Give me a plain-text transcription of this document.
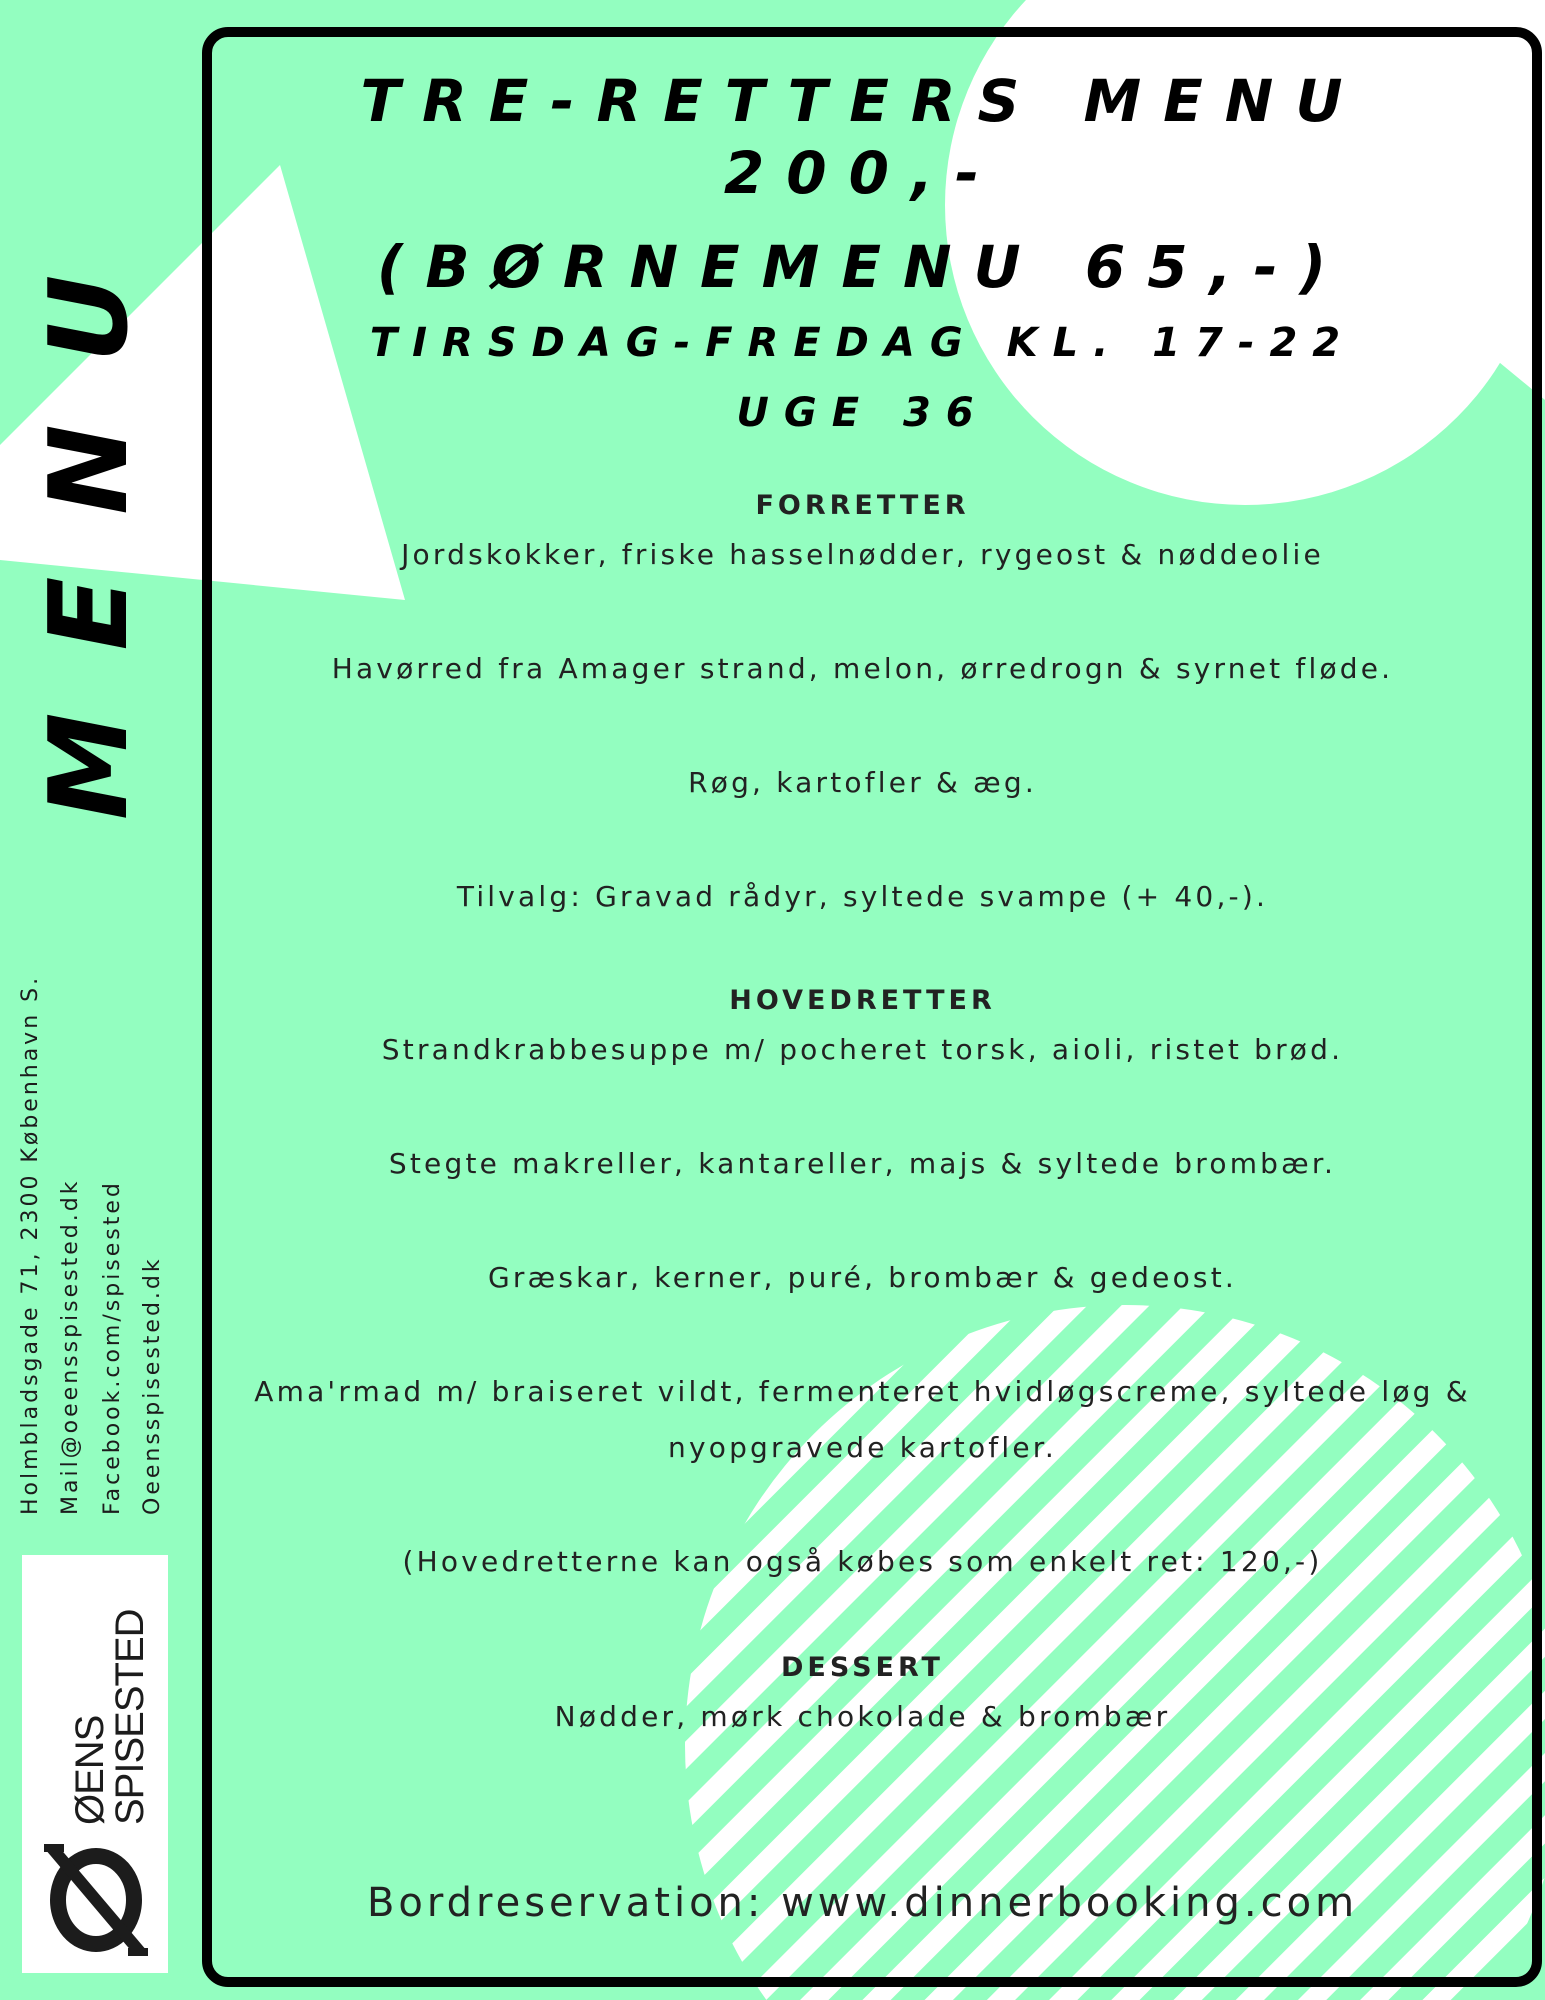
MENU
Holmbladsgade 71, 2300 København S. Mail@oeensspisested.dk Facebook.com/spisested Oeensspisested.dk
ØENS
SPISESTED
TRE-RETTERS MENU 200,-
(BØRNEMENU 65,-)
TIRSDAG-FREDAG KL. 17-22
UGE 36
FORRETTER
Jordskokker, friske hasselnødder, rygeost & nøddeolie
Havørred fra Amager strand, melon, ørredrogn & syrnet fløde.
Røg, kartofler & æg.
Tilvalg: Gravad rådyr, syltede svampe (+ 40,-).
HOVEDRETTER
Strandkrabbesuppe m/ pocheret torsk, aioli, ristet brød.
Stegte makreller, kantareller, majs & syltede brombær.
Græskar, kerner, puré, brombær & gedeost.
Ama'rmad m/ braiseret vildt, fermenteret hvidløgscreme, syltede løg &
nyopgravede kartofler.
(Hovedretterne kan også købes som enkelt ret: 120,-)
DESSERT
Nødder, mørk chokolade & brombær
Bordreservation: www.dinnerbooking.com
